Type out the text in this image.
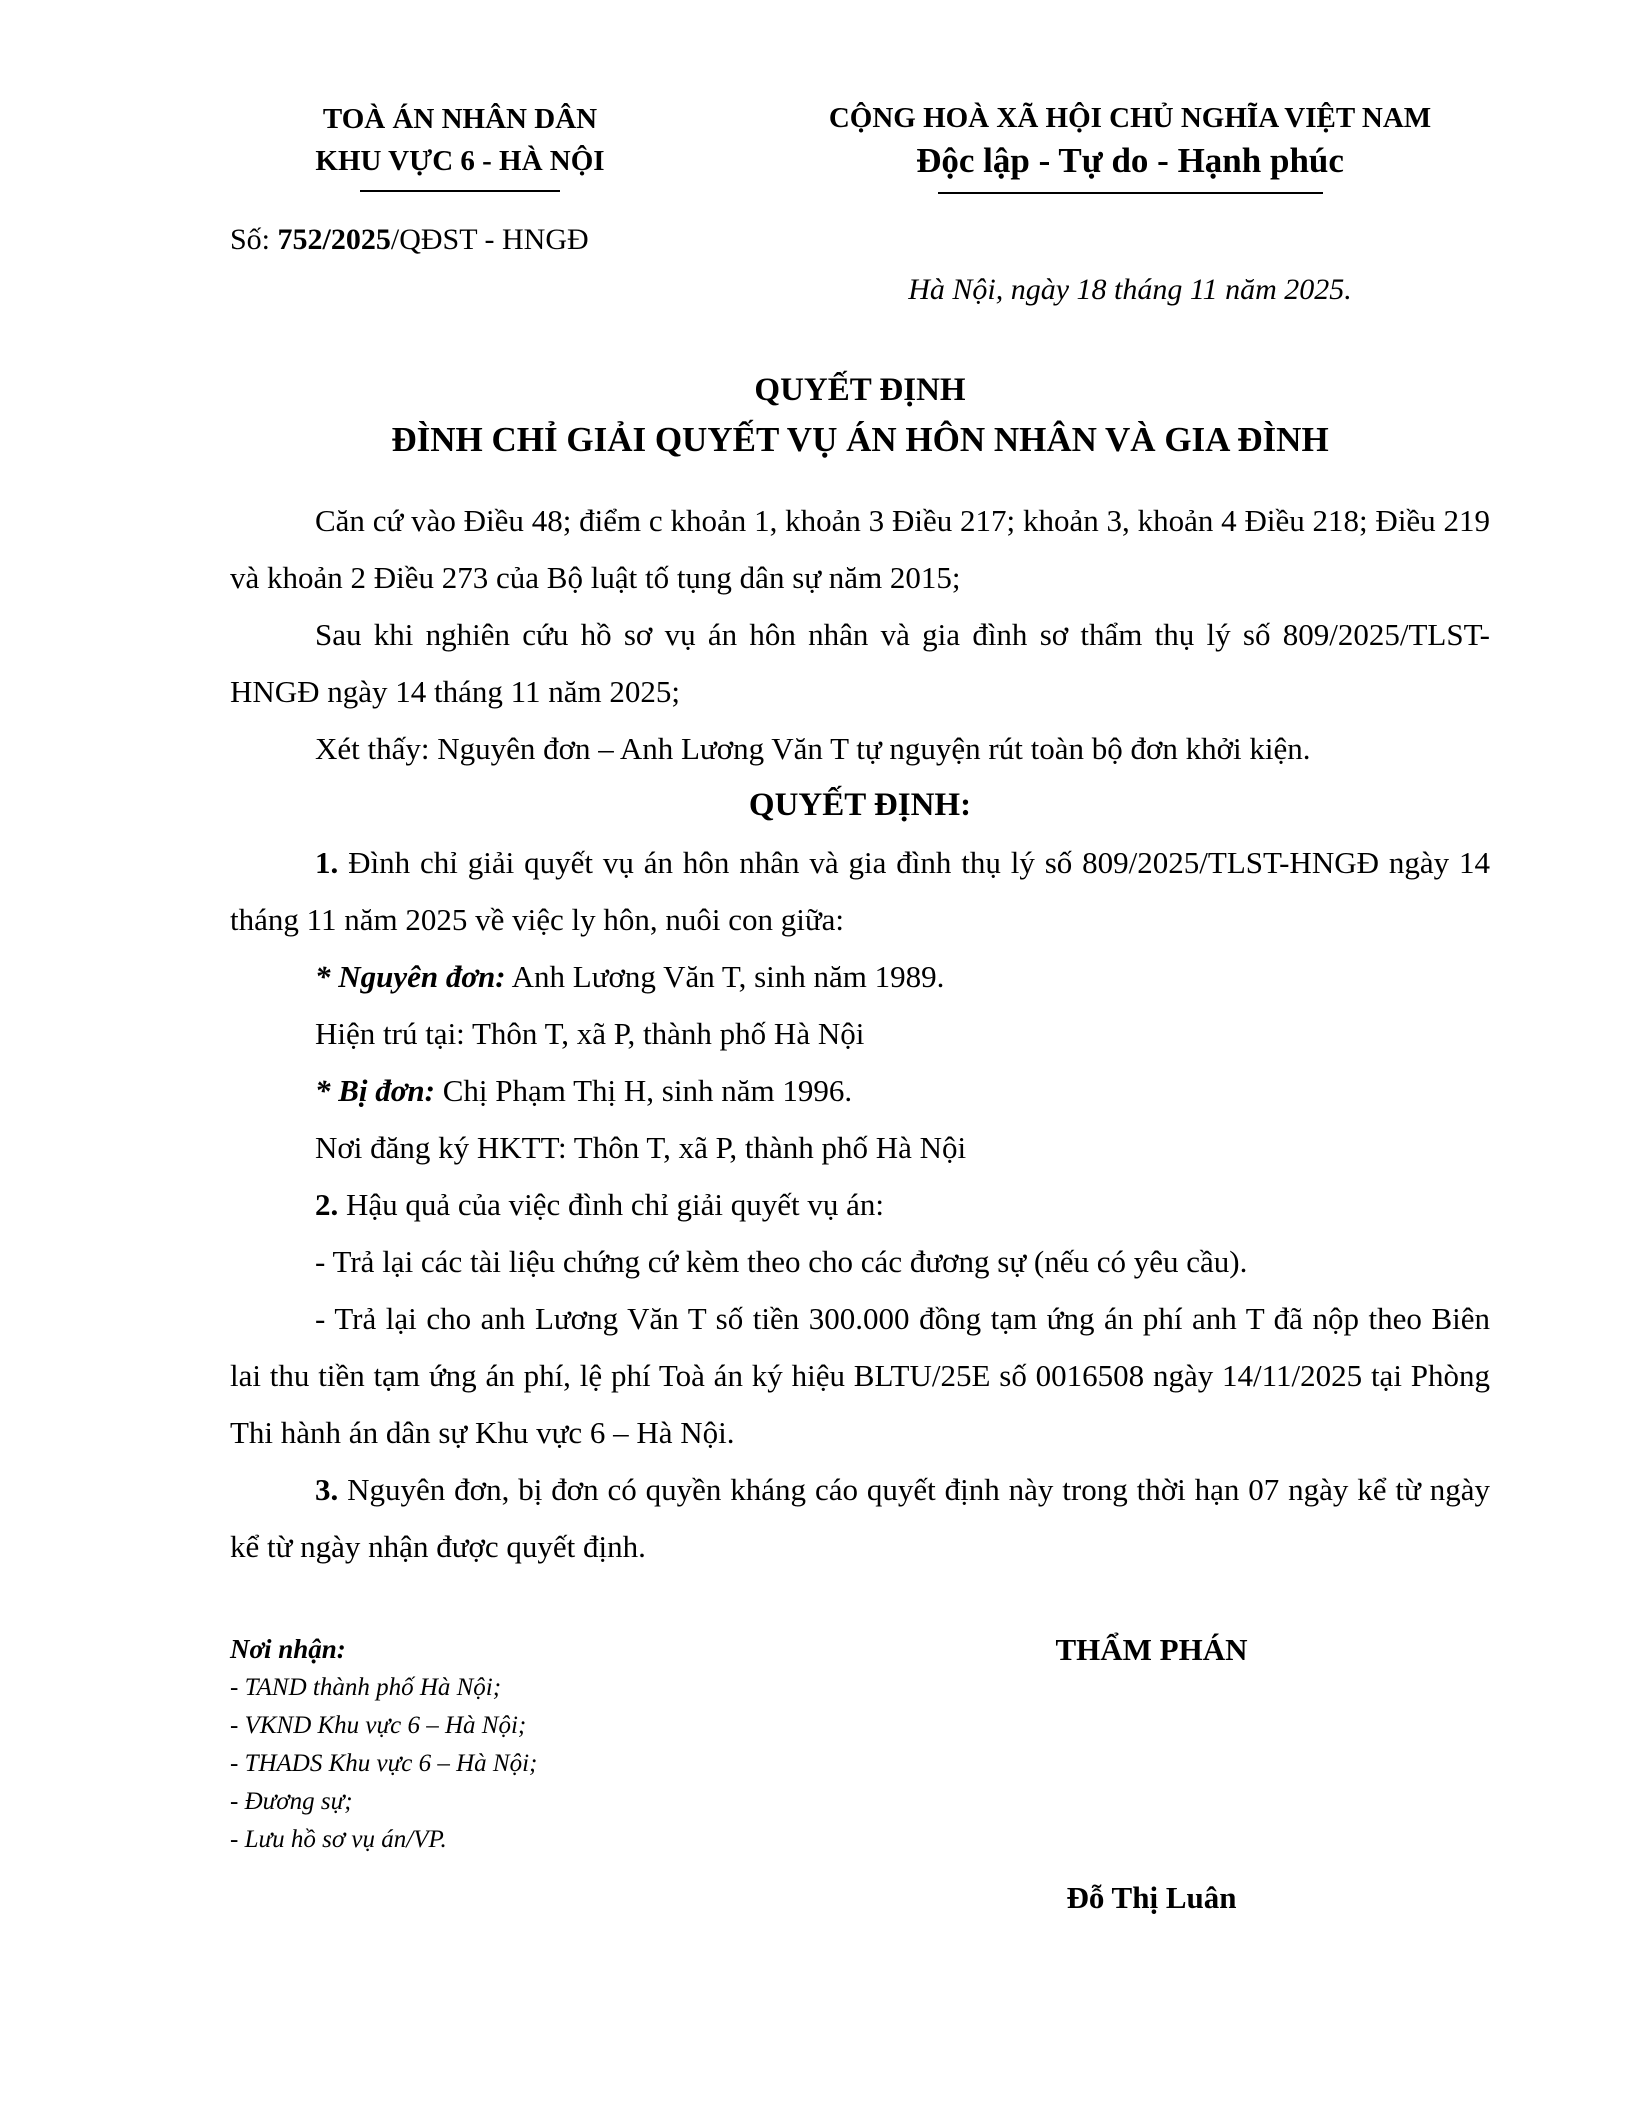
TOÀ ÁN NHÂN DÂN
KHU VỰC 6 - HÀ NỘI
CỘNG HOÀ XÃ HỘI CHỦ NGHĨA VIỆT NAM
Độc lập - Tự do - Hạnh phúc
Số: 752/2025/QĐST - HNGĐ
Hà Nội, ngày 18 tháng 11 năm 2025.
QUYẾT ĐỊNH
ĐÌNH CHỈ GIẢI QUYẾT VỤ ÁN HÔN NHÂN VÀ GIA ĐÌNH

Căn cứ vào Điều 48; điểm c khoản 1, khoản 3 Điều 217; khoản 3, khoản 4 Điều 218; Điều 219 và khoản 2 Điều 273 của Bộ luật tố tụng dân sự năm 2015;

Sau khi nghiên cứu hồ sơ vụ án hôn nhân và gia đình sơ thẩm thụ lý số 809/2025/TLST-HNGĐ ngày 14 tháng 11 năm 2025;

Xét thấy: Nguyên đơn – Anh Lương Văn T tự nguyện rút toàn bộ đơn khởi kiện.

QUYẾT ĐỊNH:

1. Đình chỉ giải quyết vụ án hôn nhân và gia đình thụ lý số 809/2025/TLST-HNGĐ ngày 14 tháng 11 năm 2025 về việc ly hôn, nuôi con giữa:

* Nguyên đơn: Anh Lương Văn T, sinh năm 1989.

Hiện trú tại: Thôn T, xã P, thành phố Hà Nội

* Bị đơn: Chị Phạm Thị H, sinh năm 1996.

Nơi đăng ký HKTT: Thôn T, xã P, thành phố Hà Nội

2. Hậu quả của việc đình chỉ giải quyết vụ án:

- Trả lại các tài liệu chứng cứ kèm theo cho các đương sự (nếu có yêu cầu).

- Trả lại cho anh Lương Văn T số tiền 300.000 đồng tạm ứng án phí anh T đã nộp theo Biên lai thu tiền tạm ứng án phí, lệ phí Toà án ký hiệu BLTU/25E số 0016508 ngày 14/11/2025 tại Phòng Thi hành án dân sự Khu vực 6 – Hà Nội.

3. Nguyên đơn, bị đơn có quyền kháng cáo quyết định này trong thời hạn 07 ngày kể từ ngày kể từ ngày nhận được quyết định.

Nơi nhận:
- TAND thành phố Hà Nội;
- VKND Khu vực 6 – Hà Nội;
- THADS Khu vực 6 – Hà Nội;
- Đương sự;
- Lưu hồ sơ vụ án/VP.
THẨM PHÁN
Đỗ Thị Luân
